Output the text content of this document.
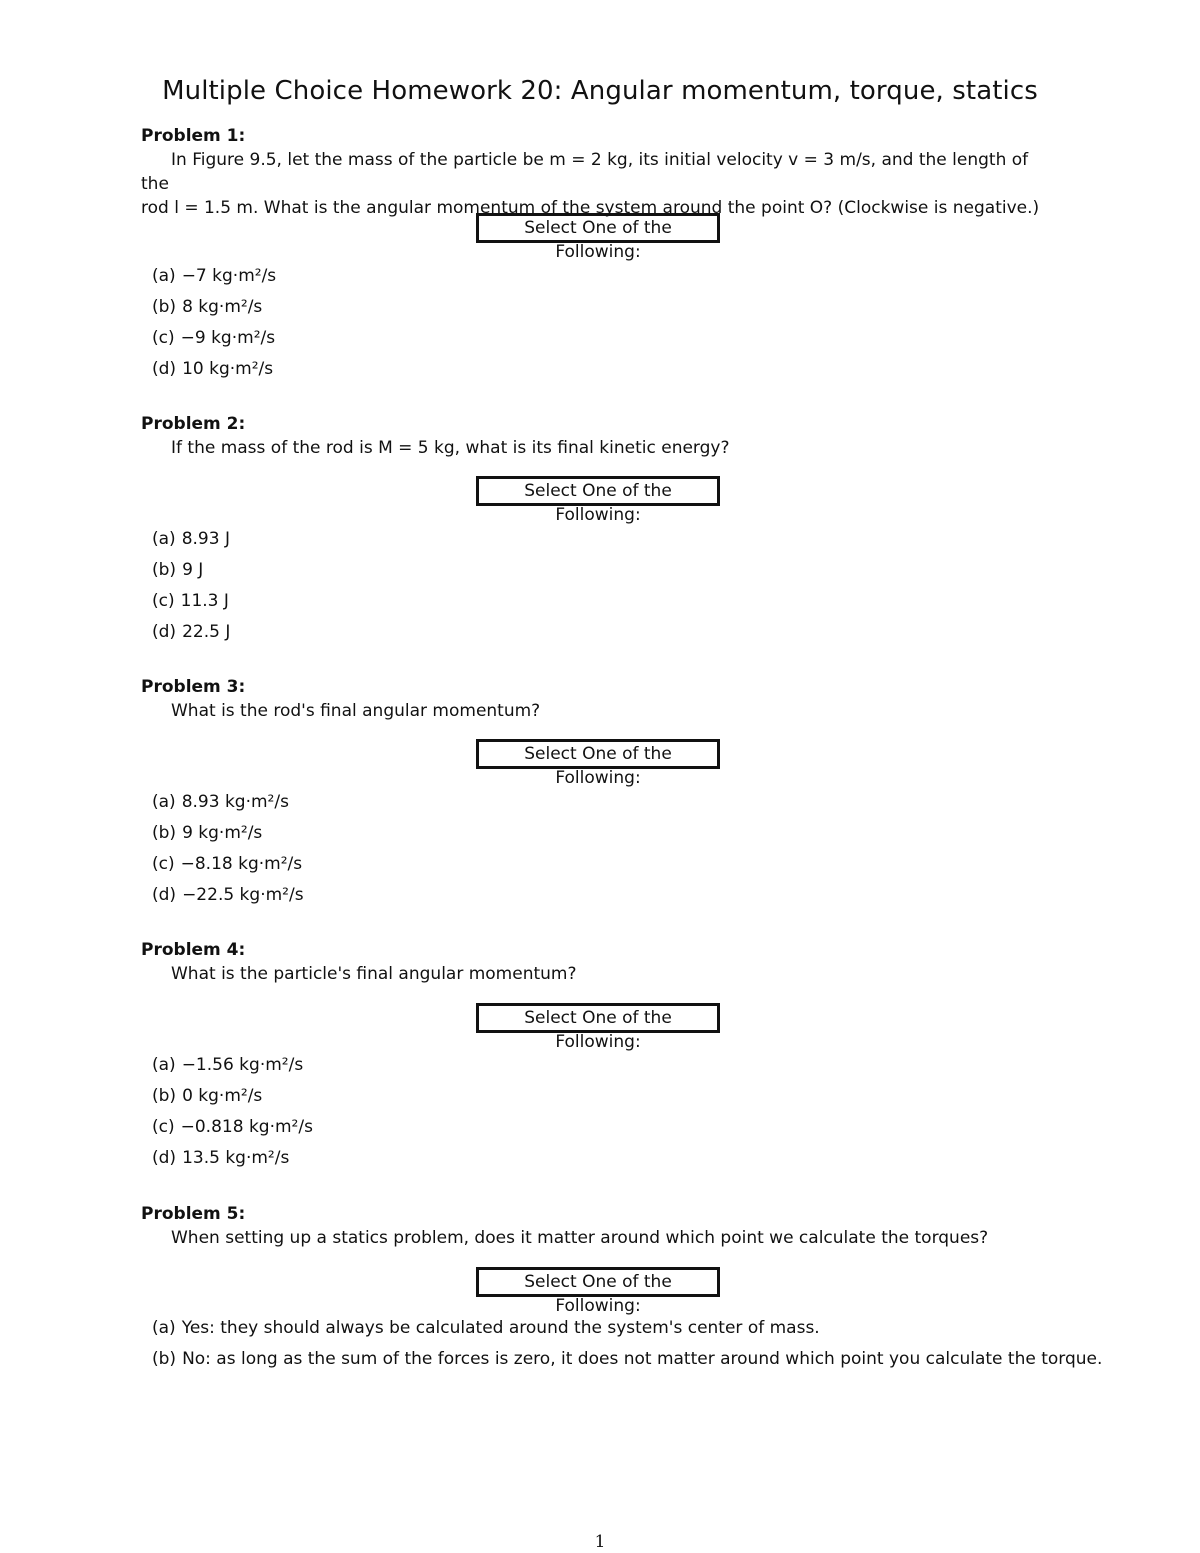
Multiple Choice Homework 20: Angular momentum, torque, statics
Problem 1:
In Figure 9.5, let the mass of the particle be m = 2 kg, its initial velocity v = 3 m/s, and the length of the
rod l = 1.5 m. What is the angular momentum of the system around the point O? (Clockwise is negative.)
Select One of the Following:
(a) −7 kg·m²/s
(b) 8 kg·m²/s
(c) −9 kg·m²/s
(d) 10 kg·m²/s
Problem 2:
If the mass of the rod is M = 5 kg, what is its final kinetic energy?
Select One of the Following:
(a) 8.93 J
(b) 9 J
(c) 11.3 J
(d) 22.5 J
Problem 3:
What is the rod's final angular momentum?
Select One of the Following:
(a) 8.93 kg·m²/s
(b) 9 kg·m²/s
(c) −8.18 kg·m²/s
(d) −22.5 kg·m²/s
Problem 4:
What is the particle's final angular momentum?
Select One of the Following:
(a) −1.56 kg·m²/s
(b) 0 kg·m²/s
(c) −0.818 kg·m²/s
(d) 13.5 kg·m²/s
Problem 5:
When setting up a statics problem, does it matter around which point we calculate the torques?
Select One of the Following:
(a) Yes: they should always be calculated around the system's center of mass.
(b) No: as long as the sum of the forces is zero, it does not matter around which point you calculate the torque.
1
